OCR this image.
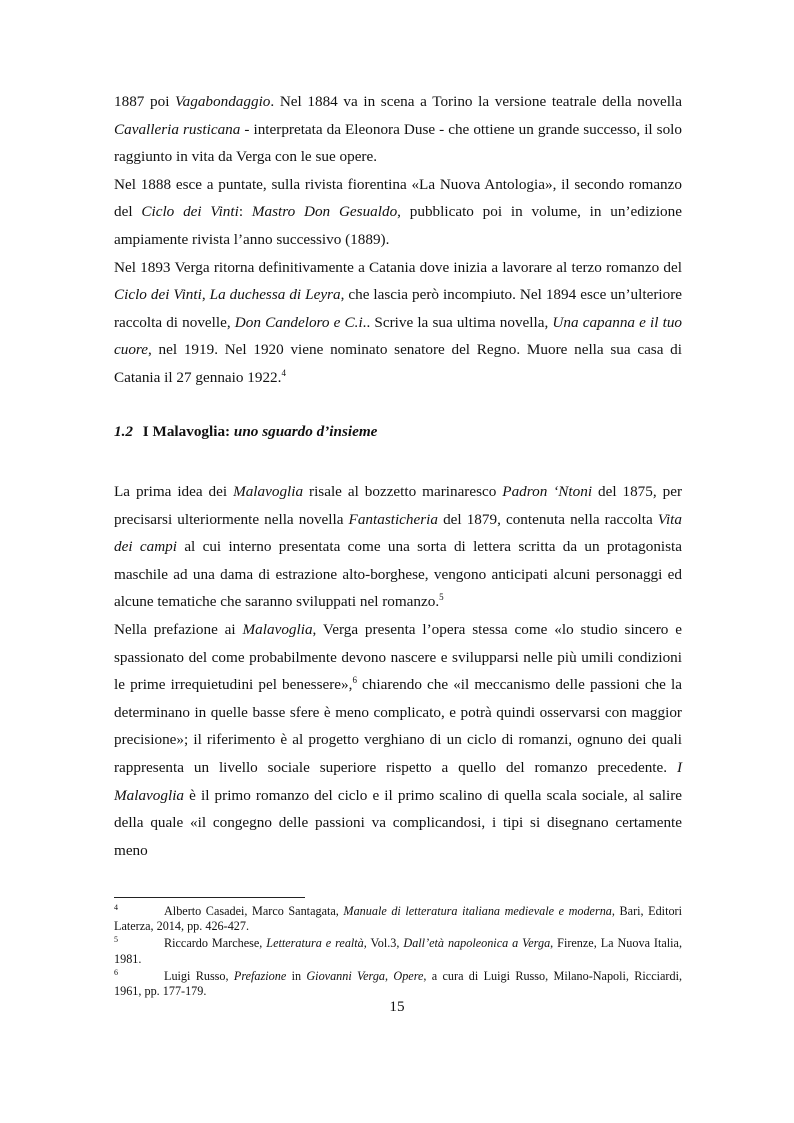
1887 poi Vagabondaggio. Nel 1884 va in scena a Torino la versione teatrale della novella Cavalleria rusticana - interpretata da Eleonora Duse - che ottiene un grande successo, il solo raggiunto in vita da Verga con le sue opere.

Nel 1888 esce a puntate, sulla rivista fiorentina «La Nuova Antologia», il secondo romanzo del Ciclo dei Vinti: Mastro Don Gesualdo, pubblicato poi in volume, in un’edizione ampiamente rivista l’anno successivo (1889).

Nel 1893 Verga ritorna definitivamente a Catania dove inizia a lavorare al terzo romanzo del Ciclo dei Vinti, La duchessa di Leyra, che lascia però incompiuto. Nel 1894 esce un’ulteriore raccolta di novelle, Don Candeloro e C.i.. Scrive la sua ultima novella, Una capanna e il tuo cuore, nel 1919. Nel 1920 viene nominato senatore del Regno. Muore nella sua casa di Catania il 27 gennaio 1922.$^4$

1.2 I Malavoglia: uno sguardo d’insieme

La prima idea dei Malavoglia risale al bozzetto marinaresco Padron ‘Ntoni del 1875, per precisarsi ulteriormente nella novella Fantasticheria del 1879, contenuta nella raccolta Vita dei campi al cui interno presentata come una sorta di lettera scritta da un protagonista maschile ad una dama di estrazione alto-borghese, vengono anticipati alcuni personaggi ed alcune tematiche che saranno sviluppati nel romanzo.$^5$

Nella prefazione ai Malavoglia, Verga presenta l’opera stessa come «lo studio sincero e spassionato del come probabilmente devono nascere e svilupparsi nelle più umili condizioni le prime irrequietudini pel benessere»,$^6$ chiarendo che «il meccanismo delle passioni che la determinano in quelle basse sfere è meno complicato, e potrà quindi osservarsi con maggior precisione»; il riferimento è al progetto verghiano di un ciclo di romanzi, ognuno dei quali rappresenta un livello sociale superiore rispetto a quello del romanzo precedente. I Malavoglia è il primo romanzo del ciclo e il primo scalino di quella scala sociale, al salire della quale «il congegno delle passioni va complicandosi, i tipi si disegnano certamente meno

4	Alberto Casadei, Marco Santagata, Manuale di letteratura italiana medievale e moderna, Bari, Editori Laterza, 2014, pp. 426-427.

5	Riccardo Marchese, Letteratura e realtà, Vol.3, Dall’età napoleonica a Verga, Firenze, La Nuova Italia, 1981.

6	Luigi Russo, Prefazione in Giovanni Verga, Opere, a cura di Luigi Russo, Milano-Napoli, Ricciardi, 1961, pp. 177-179.

15
